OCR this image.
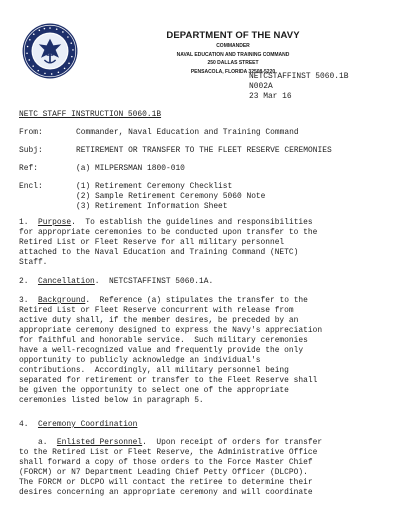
DEPARTMENT OF THE NAVY
COMMANDER
NAVAL EDUCATION AND TRAINING COMMAND
250 DALLAS STREET
PENSACOLA, FLORIDA 32508-5220
NETCSTAFFINST 5060.1B
N002A
23 Mar 16
NETC STAFF INSTRUCTION 5060.1B
From:	Commander, Naval Education and Training Command
Subj:	RETIREMENT OR TRANSFER TO THE FLEET RESERVE CEREMONIES
Ref:	(a) MILPERSMAN 1800-010
Encl:	(1) Retirement Ceremony Checklist
(2) Sample Retirement Ceremony 5060 Note
(3) Retirement Information Sheet
1. Purpose.  To establish the guidelines and responsibilities
for appropriate ceremonies to be conducted upon transfer to the
Retired List or Fleet Reserve for all military personnel
attached to the Naval Education and Training Command (NETC)
Staff.
2. Cancellation.  NETCSTAFFINST 5060.1A.
3. Background.  Reference (a) stipulates the transfer to the
Retired List or Fleet Reserve concurrent with release from
active duty shall, if the member desires, be preceded by an
appropriate ceremony designed to express the Navy's appreciation
for faithful and honorable service.  Such military ceremonies
have a well-recognized value and frequently provide the only
opportunity to publicly acknowledge an individual's
contributions.  Accordingly, all military personnel being
separated for retirement or transfer to the Fleet Reserve shall
be given the opportunity to select one of the appropriate
ceremonies listed below in paragraph 5.
4. Ceremony Coordination
a. Enlisted Personnel.  Upon receipt of orders for transfer
to the Retired List or Fleet Reserve, the Administrative Office
shall forward a copy of those orders to the Force Master Chief
(FORCM) or N7 Department Leading Chief Petty Officer (DLCPO).
The FORCM or DLCPO will contact the retiree to determine their
desires concerning an appropriate ceremony and will coordinate
